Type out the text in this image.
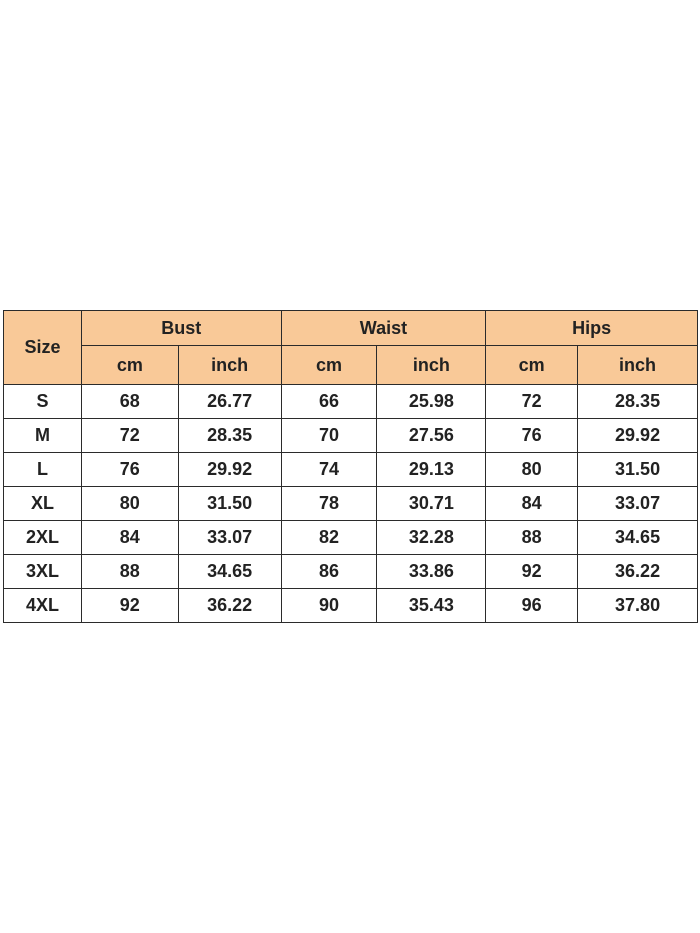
Size	Bust		Waist		Hips	
	cm	inch	cm	inch	cm	inch
S	68	26.77	66	25.98	72	28.35
M	72	28.35	70	27.56	76	29.92
L	76	29.92	74	29.13	80	31.50
XL	80	31.50	78	30.71	84	33.07
2XL	84	33.07	82	32.28	88	34.65
3XL	88	34.65	86	33.86	92	36.22
4XL	92	36.22	90	35.43	96	37.80
